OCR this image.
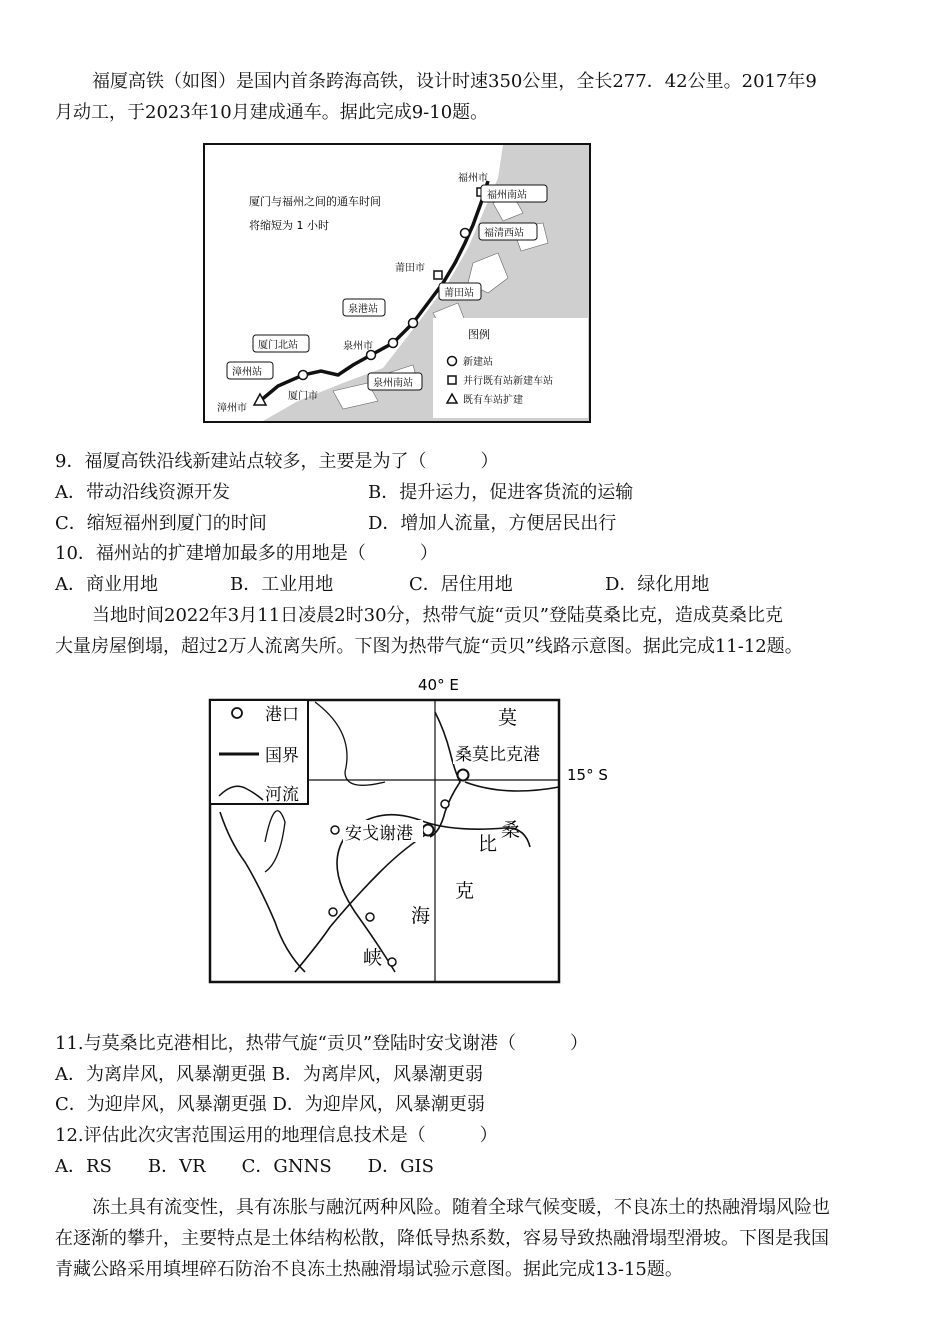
福厦高铁（如图）是国内首条跨海高铁，设计时速350公里，全长277．42公里。2017年9
月动工，于2023年10月建成通车。据此完成9-10题。
厦门与福州之间的通车时间
将缩短为 1 小时
福州市
莆田市
泉州市
厦门市
漳州市
福州南站
福清西站
莆田站
泉港站
泉州南站
厦门北站
漳州站
图例
新建站
并行既有站新建车站
既有车站扩建
9．福厦高铁沿线新建站点较多，主要是为了（　　　）
A．带动沿线资源开发	B．提升运力，促进客货流的运输
C．缩短福州到厦门的时间	D．增加人流量，方便居民出行
10．福州站的扩建增加最多的用地是（　　　）
A．商业用地	B．工业用地	C．居住用地	D．绿化用地
当地时间2022年3月11日凌晨2时30分，热带气旋“贡贝”登陆莫桑比克，造成莫桑比克
大量房屋倒塌，超过2万人流离失所。下图为热带气旋“贡贝”线路示意图。据此完成11-12题。
40° E
15° S
港口
国界
河流
桑莫比克港
安戈谢港
莫
桑
比
克
海
峡
11.与莫桑比克港相比，热带气旋“贡贝”登陆时安戈谢港（　　　）
A．为离岸风，风暴潮更强 B．为离岸风，风暴潮更弱
C．为迎岸风，风暴潮更强 D．为迎岸风，风暴潮更弱
12.评估此次灾害范围运用的地理信息技术是（　　　）
A．RS　　B．VR　　C．GNNS　　D．GIS
冻土具有流变性，具有冻胀与融沉两种风险。随着全球气候变暖，不良冻土的热融滑塌风险也
在逐渐的攀升，主要特点是土体结构松散，降低导热系数，容易导致热融滑塌型滑坡。下图是我国
青藏公路采用填埋碎石防治不良冻土热融滑塌试验示意图。据此完成13-15题。
